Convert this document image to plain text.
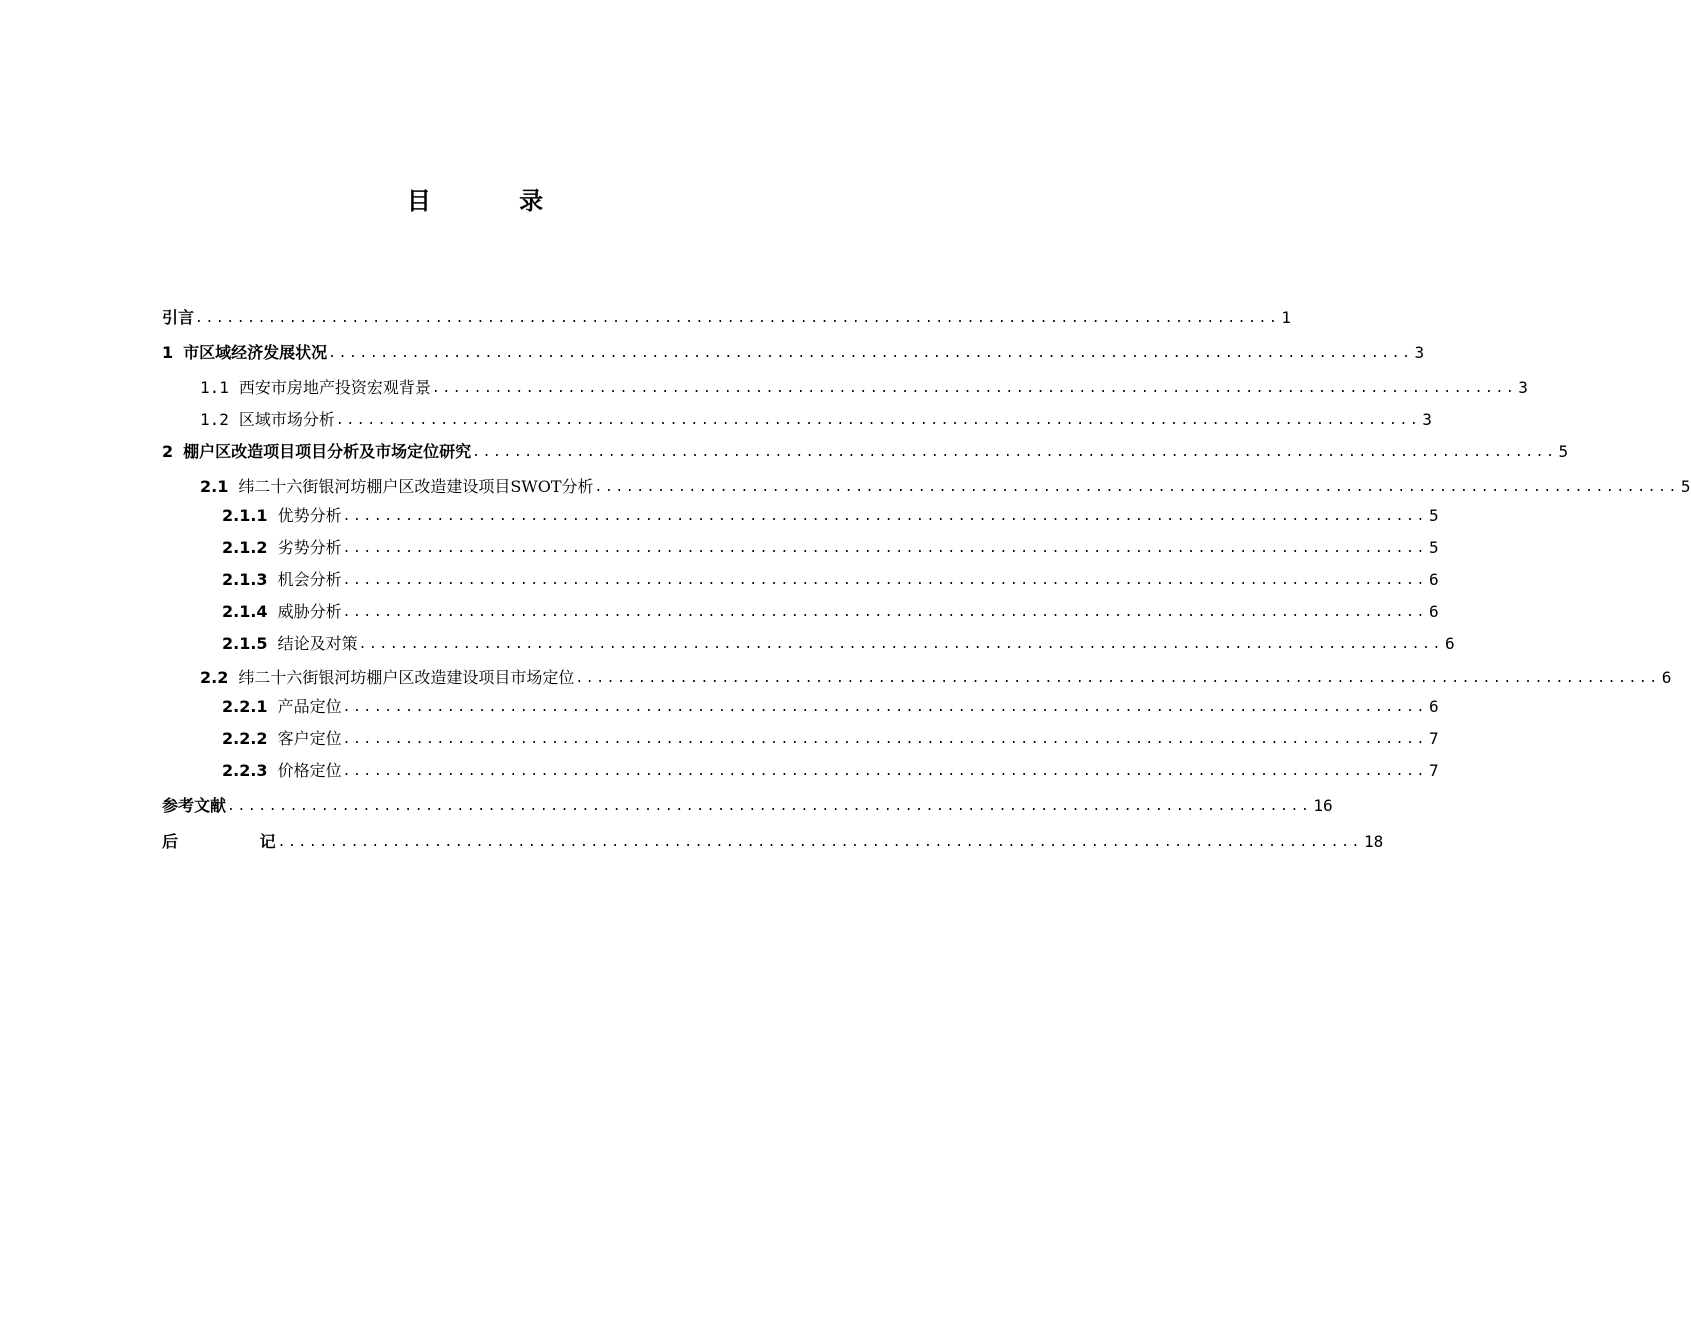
目 录
引言 ........................................................................................................ 1
1 市区域经济发展状况 ........................................................................................................ 3
1.1 西安市房地产投资宏观背景 ........................................................................................................ 3
1.2 区域市场分析 ........................................................................................................ 3
2 棚户区改造项目项目分析及市场定位研究 ........................................................................................................ 5
2.1 纬二十六街银河坊棚户区改造建设项目SWOT分析 ........................................................................................................ 5
2.1.1 优势分析 ........................................................................................................ 5
2.1.2 劣势分析 ........................................................................................................ 5
2.1.3 机会分析 ........................................................................................................ 6
2.1.4 威胁分析 ........................................................................................................ 6
2.1.5 结论及对策 ........................................................................................................ 6
2.2 纬二十六街银河坊棚户区改造建设项目市场定位 ........................................................................................................ 6
2.2.1 产品定位 ........................................................................................................ 6
2.2.2 客户定位 ........................................................................................................ 7
2.2.3 价格定位 ........................................................................................................ 7
参考文献 ........................................................................................................ 16
后 记
........................................................................................................ 18
